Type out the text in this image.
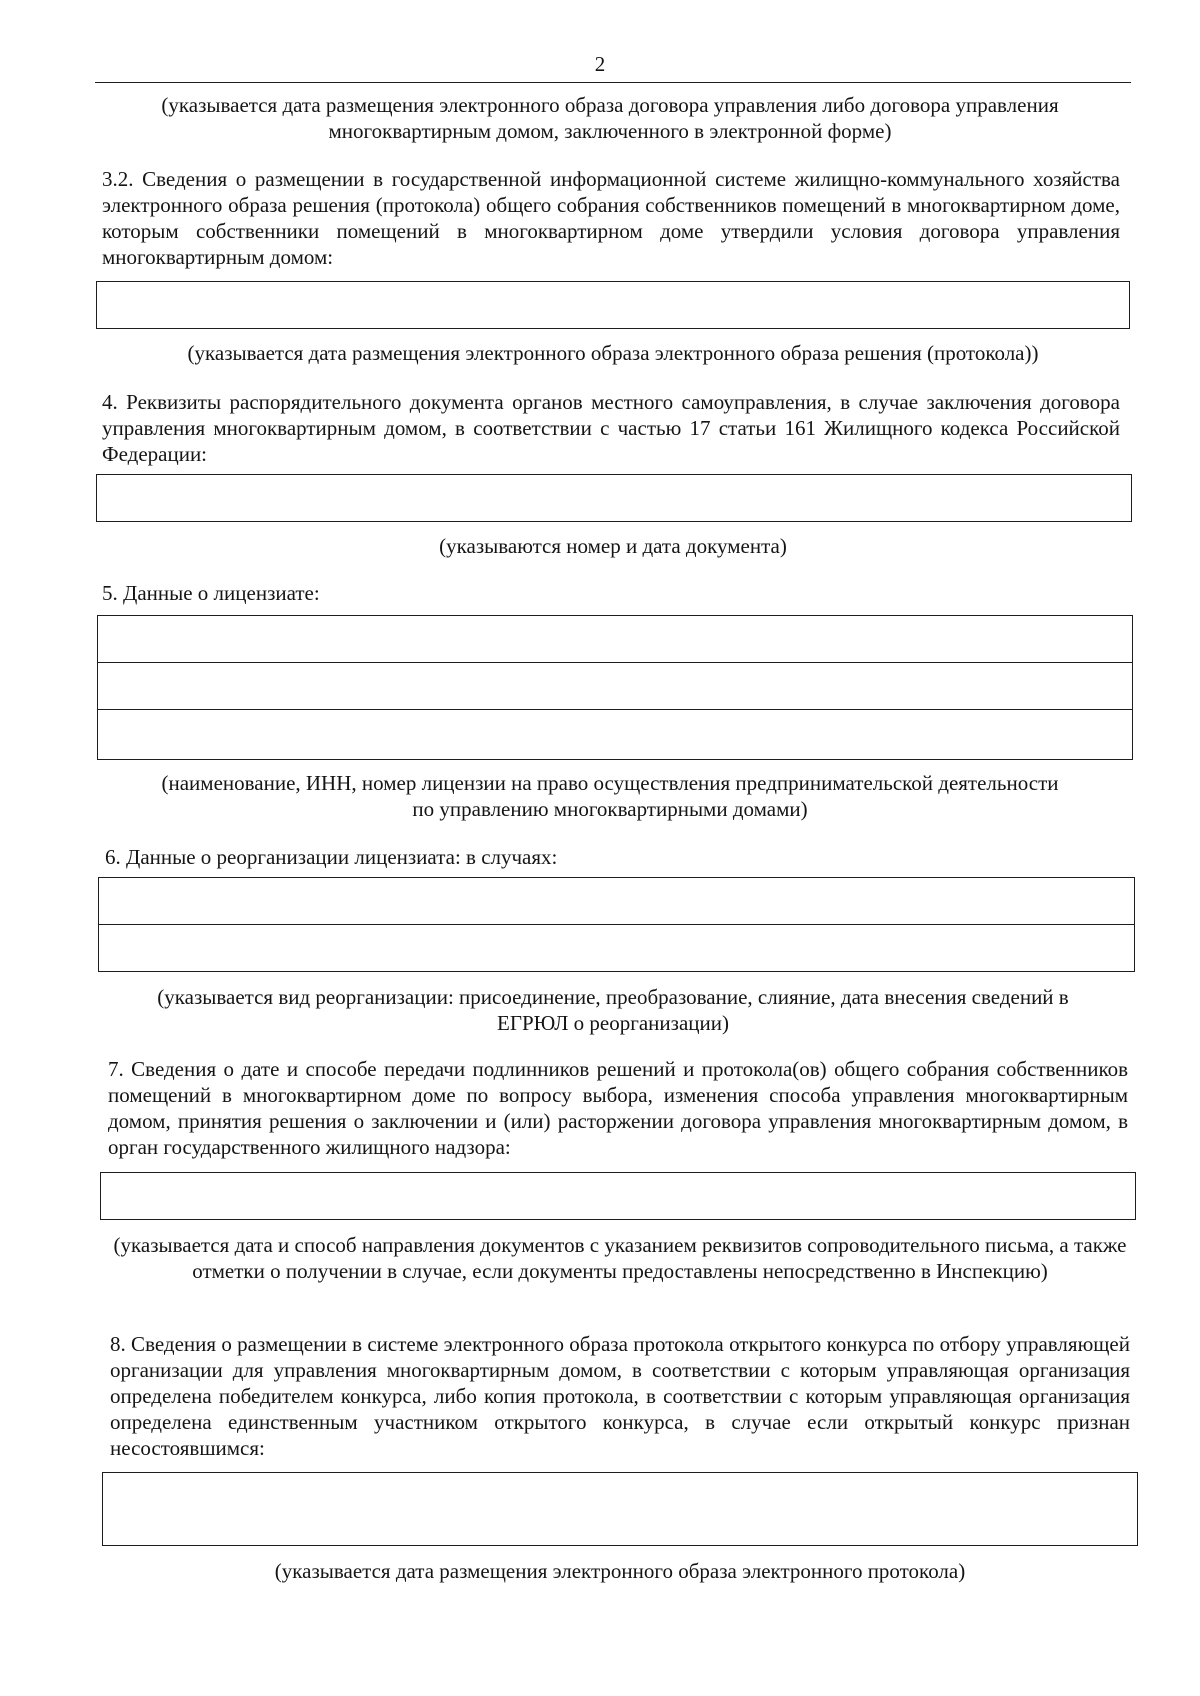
2
(указывается дата размещения электронного образа договора управления либо договора управления многоквартирным домом, заключенного в электронной форме)
3.2. Сведения о размещении в государственной информационной системе жилищно-коммунального хозяйства электронного образа решения (протокола) общего собрания собственников помещений в многоквартирном доме, которым собственники помещений в многоквартирном доме утвердили условия договора управления многоквартирным домом:
(указывается дата размещения электронного образа электронного образа решения (протокола))
4. Реквизиты распорядительного документа органов местного самоуправления, в случае заключения договора управления многоквартирным домом, в соответствии с частью 17 статьи 161 Жилищного кодекса Российской Федерации:
(указываются номер и дата документа)
5. Данные о лицензиате:
(наименование, ИНН, номер лицензии на право осуществления предпринимательской деятельности по управлению многоквартирными домами)
6. Данные о реорганизации лицензиата: в случаях:
(указывается вид реорганизации: присоединение, преобразование, слияние, дата внесения сведений в ЕГРЮЛ о реорганизации)
7. Сведения о дате и способе передачи подлинников решений и протокола(ов) общего собрания собственников помещений в многоквартирном доме по вопросу выбора, изменения способа управления многоквартирным домом, принятия решения о заключении и (или) расторжении договора управления многоквартирным домом, в орган государственного жилищного надзора:
(указывается дата и способ направления документов с указанием реквизитов сопроводительного письма, а также отметки о получении в случае, если документы предоставлены непосредственно в Инспекцию)
8. Сведения о размещении в системе электронного образа протокола открытого конкурса по отбору управляющей организации для управления многоквартирным домом, в соответствии с которым управляющая организация определена победителем конкурса, либо копия протокола, в соответствии с которым управляющая организация определена единственным участником открытого конкурса, в случае если открытый конкурс признан несостоявшимся:
(указывается дата размещения электронного образа электронного протокола)
